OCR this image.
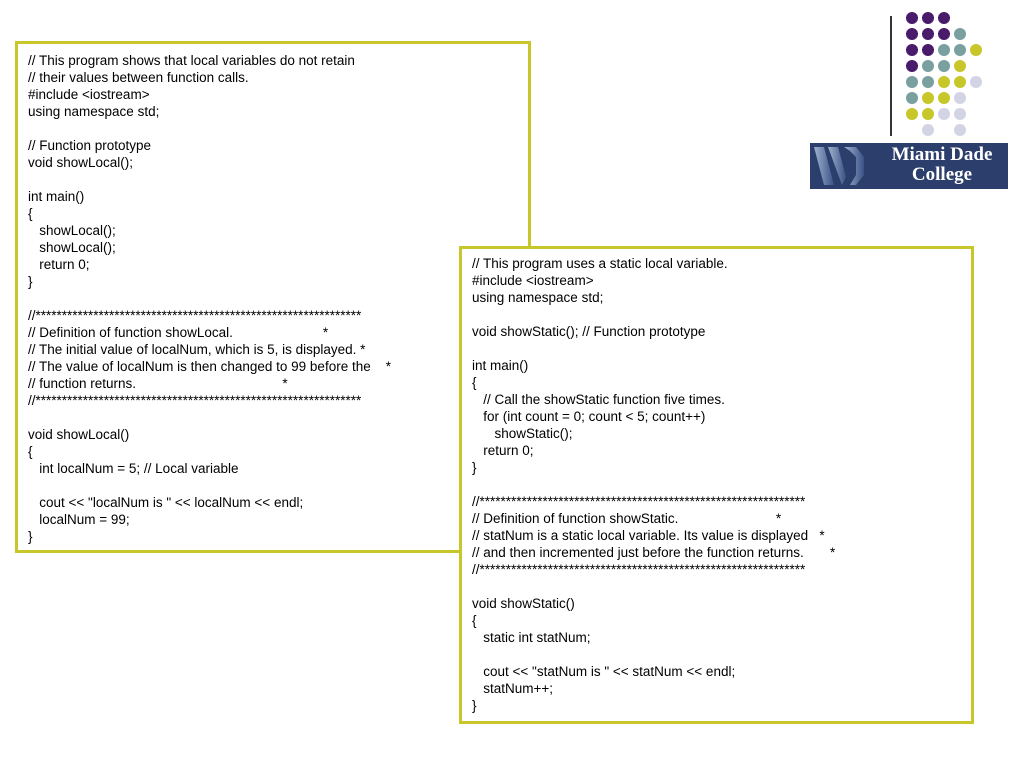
Miami Dade
College
// This program shows that local variables do not retain
// their values between function calls.
#include <iostream>
using namespace std;

// Function prototype
void showLocal();

int main()
{
showLocal();
showLocal();
return 0;
}

//**************************************************************
// Definition of function showLocal.                        *
// The initial value of localNum, which is 5, is displayed. *
// The value of localNum is then changed to 99 before the    *
// function returns.                                       *
//**************************************************************

void showLocal()
{
int localNum = 5; // Local variable

cout << "localNum is " << localNum << endl;
localNum = 99;
}
// This program uses a static local variable.
#include <iostream>
using namespace std;

void showStatic(); // Function prototype

int main()
{
// Call the showStatic function five times.
for (int count = 0; count < 5; count++)
showStatic();
return 0;
}

//**************************************************************
// Definition of function showStatic.                          *
// statNum is a static local variable. Its value is displayed   *
// and then incremented just before the function returns.       *
//**************************************************************

void showStatic()
{
static int statNum;

cout << "statNum is " << statNum << endl;
statNum++;
}
